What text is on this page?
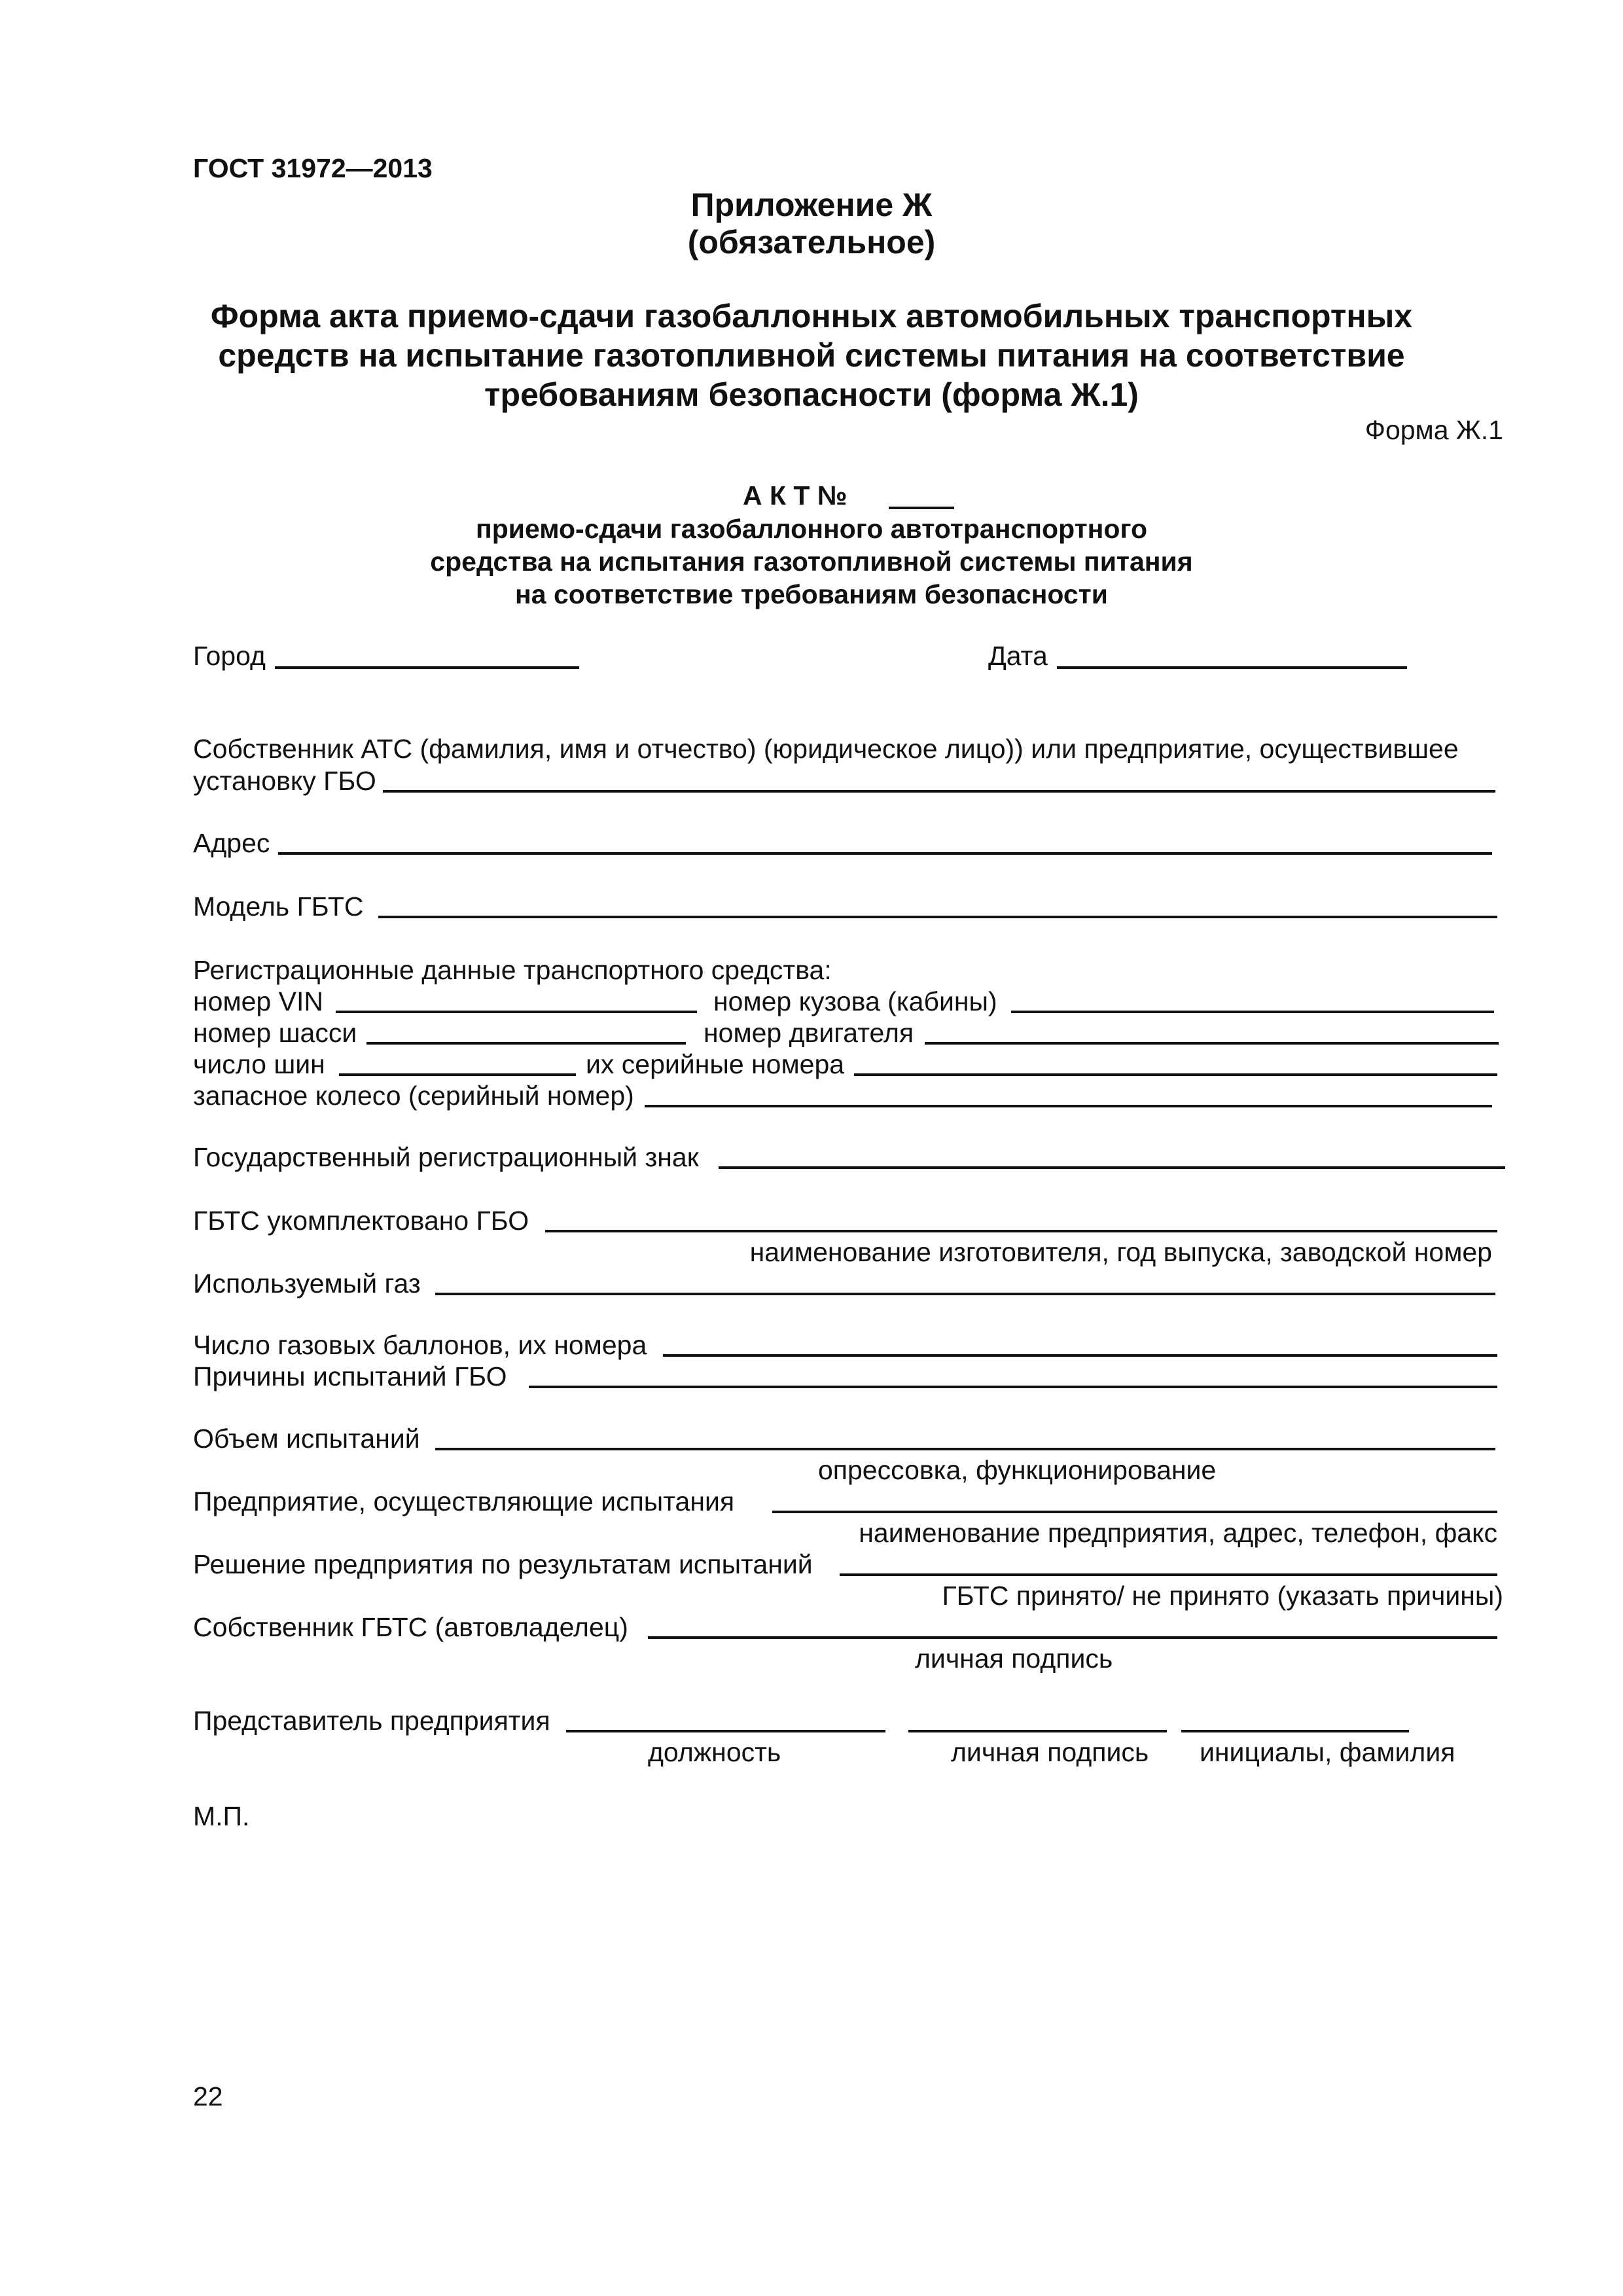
ГОСТ 31972—2013
Приложение Ж
(обязательное)
Форма акта приемо-сдачи газобаллонных автомобильных транспортных
средств на испытание газотопливной системы питания на соответствие
требованиям безопасности (форма Ж.1)
Форма Ж.1
А К Т №
приемо-сдачи газобаллонного автотранспортного
средства на испытания газотопливной системы питания
на соответствие требованиям безопасности
Город	Дата
Собственник АТС (фамилия, имя и отчество) (юридическое лицо)) или предприятие, осуществившее
установку ГБО
Адрес
Модель ГБТС
Регистрационные данные транспортного средства:
номер VIN	номер кузова (кабины)
номер шасси	номер двигателя
число шин	их серийные номера
запасное колесо (серийный номер)
Государственный регистрационный знак
ГБТС укомплектовано ГБО
наименование изготовителя, год выпуска, заводской номер
Используемый газ
Число газовых баллонов, их номера
Причины испытаний ГБО
Объем испытаний
опрессовка, функционирование
Предприятие, осуществляющие испытания
наименование предприятия, адрес, телефон, факс
Решение предприятия по результатам испытаний
ГБТС принято/ не принято (указать причины)
Собственник ГБТС (автовладелец)
личная подпись
Представитель предприятия
должность	личная подпись инициалы, фамилия
М.П.
22
